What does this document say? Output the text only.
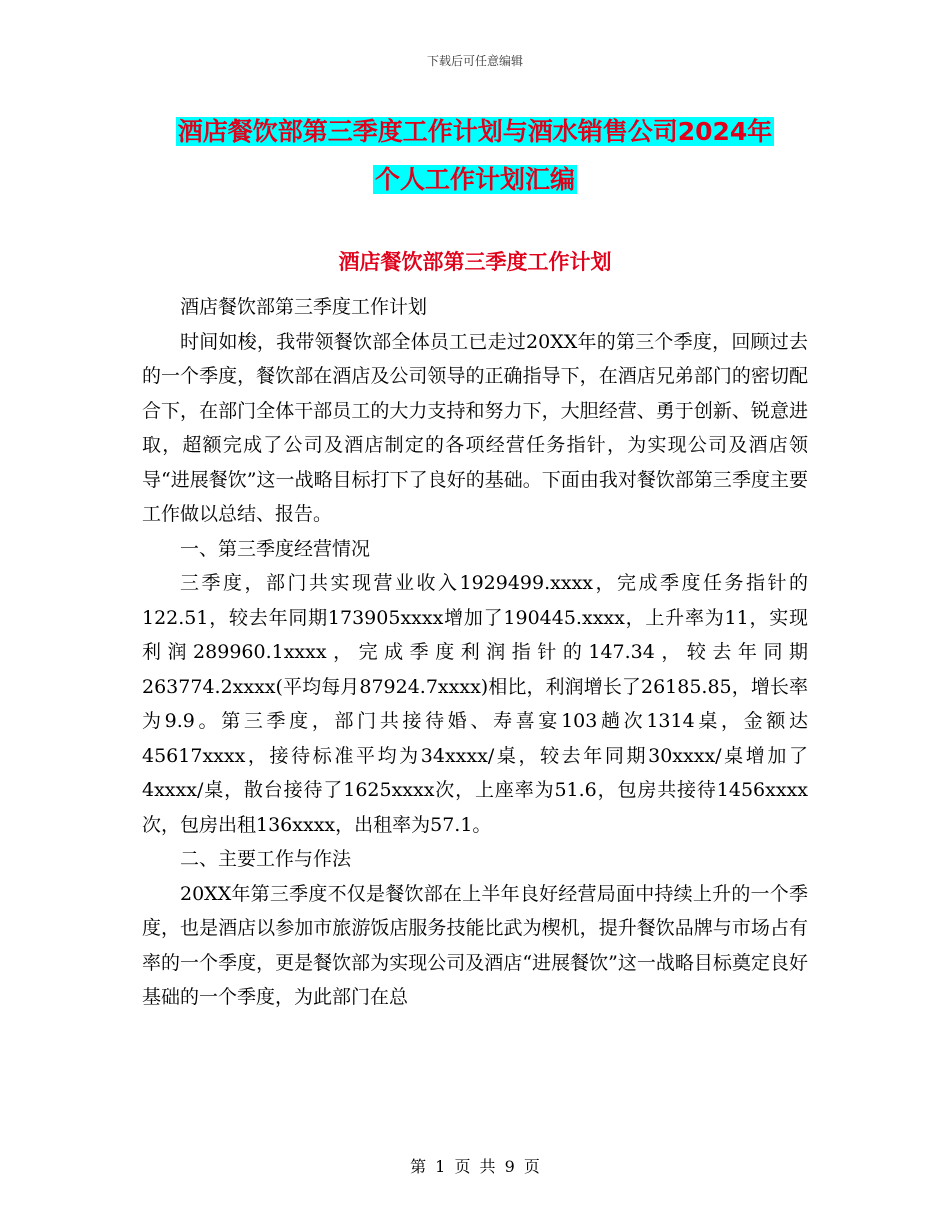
下载后可任意编辑
酒店餐饮部第三季度工作计划与酒水销售公司2024年
个人工作计划汇编
酒店餐饮部第三季度工作计划

酒店餐饮部第三季度工作计划

时间如梭，我带领餐饮部全体员工已走过20XX年的第三个季度，回顾过去的一个季度，餐饮部在酒店及公司领导的正确指导下，在酒店兄弟部门的密切配合下，在部门全体干部员工的大力支持和努力下，大胆经营、勇于创新、锐意进取，超额完成了公司及酒店制定的各项经营任务指针，为实现公司及酒店领导“进展餐饮”这一战略目标打下了良好的基础。下面由我对餐饮部第三季度主要工作做以总结、报告。

一、第三季度经营情况

三季度，部门共实现营业收入1929499.xxxx，完成季度任务指针的122.51，较去年同期173905xxxx增加了190445.xxxx，上升率为11，实现利润289960.1xxxx，完成季度利润指针的147.34，较去年同期263774.2xxxx(平均每月87924.7xxxx)相比，利润增长了26185.85，增长率为9.9。第三季度，部门共接待婚、寿喜宴103趟次1314桌，金额达45617xxxx，接待标准平均为34xxxx/桌，较去年同期30xxxx/桌增加了4xxxx/桌，散台接待了1625xxxx次，上座率为51.6，包房共接待1456xxxx次，包房出租136xxxx，出租率为57.1。

二、主要工作与作法

20XX年第三季度不仅是餐饮部在上半年良好经营局面中持续上升的一个季度，也是酒店以参加市旅游饭店服务技能比武为楔机，提升餐饮品牌与市场占有率的一个季度，更是餐饮部为实现公司及酒店“进展餐饮”这一战略目标奠定良好基础的一个季度，为此部门在总

第 1 页 共 9 页
